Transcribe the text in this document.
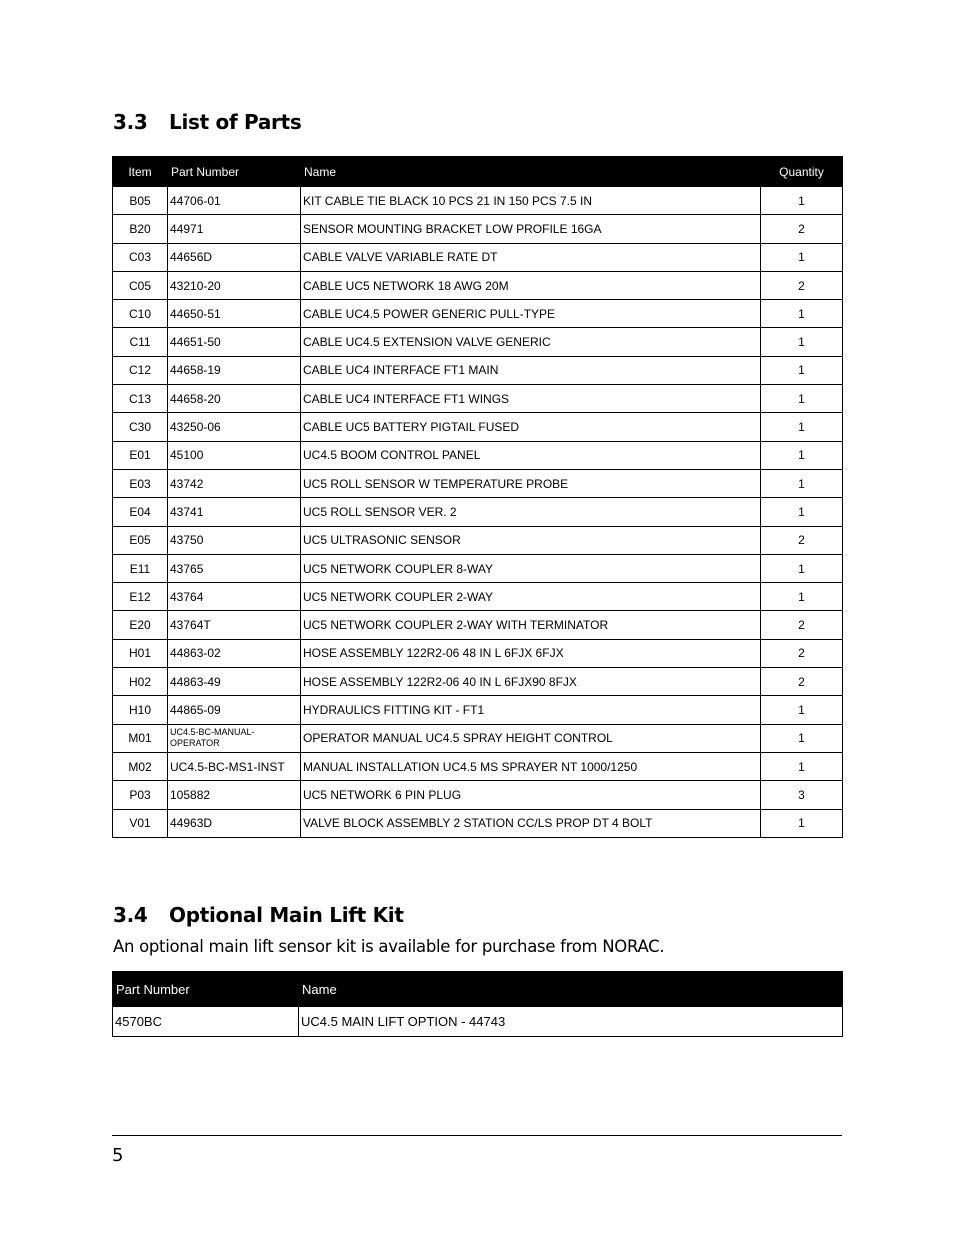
3.3 List of Parts
Item	Part Number	Name	Quantity
B05	44706-01	KIT CABLE TIE BLACK 10 PCS 21 IN 150 PCS 7.5 IN	1
B20	44971	SENSOR MOUNTING BRACKET LOW PROFILE 16GA	2
C03	44656D	CABLE VALVE VARIABLE RATE DT	1
C05	43210-20	CABLE UC5 NETWORK 18 AWG 20M	2
C10	44650-51	CABLE UC4.5 POWER GENERIC PULL-TYPE	1
C11	44651-50	CABLE UC4.5 EXTENSION VALVE GENERIC	1
C12	44658-19	CABLE UC4 INTERFACE FT1 MAIN	1
C13	44658-20	CABLE UC4 INTERFACE FT1 WINGS	1
C30	43250-06	CABLE UC5 BATTERY PIGTAIL FUSED	1
E01	45100	UC4.5 BOOM CONTROL PANEL	1
E03	43742	UC5 ROLL SENSOR W TEMPERATURE PROBE	1
E04	43741	UC5 ROLL SENSOR VER. 2	1
E05	43750	UC5 ULTRASONIC SENSOR	2
E11	43765	UC5 NETWORK COUPLER 8-WAY	1
E12	43764	UC5 NETWORK COUPLER 2-WAY	1
E20	43764T	UC5 NETWORK COUPLER 2-WAY WITH TERMINATOR	2
H01	44863-02	HOSE ASSEMBLY 122R2-06 48 IN L 6FJX 6FJX	2
H02	44863-49	HOSE ASSEMBLY 122R2-06 40 IN L 6FJX90 8FJX	2
H10	44865-09	HYDRAULICS FITTING KIT - FT1	1
M01	UC4.5-BC-MANUAL-OPERATOR	OPERATOR MANUAL UC4.5 SPRAY HEIGHT CONTROL	1
M02	UC4.5-BC-MS1-INST	MANUAL INSTALLATION UC4.5 MS SPRAYER NT 1000/1250	1
P03	105882	UC5 NETWORK 6 PIN PLUG	3
V01	44963D	VALVE BLOCK ASSEMBLY 2 STATION CC/LS PROP DT 4 BOLT	1
3.4 Optional Main Lift Kit

An optional main lift sensor kit is available for purchase from NORAC.

Part Number	Name
4570BC	UC4.5 MAIN LIFT OPTION - 44743
5
